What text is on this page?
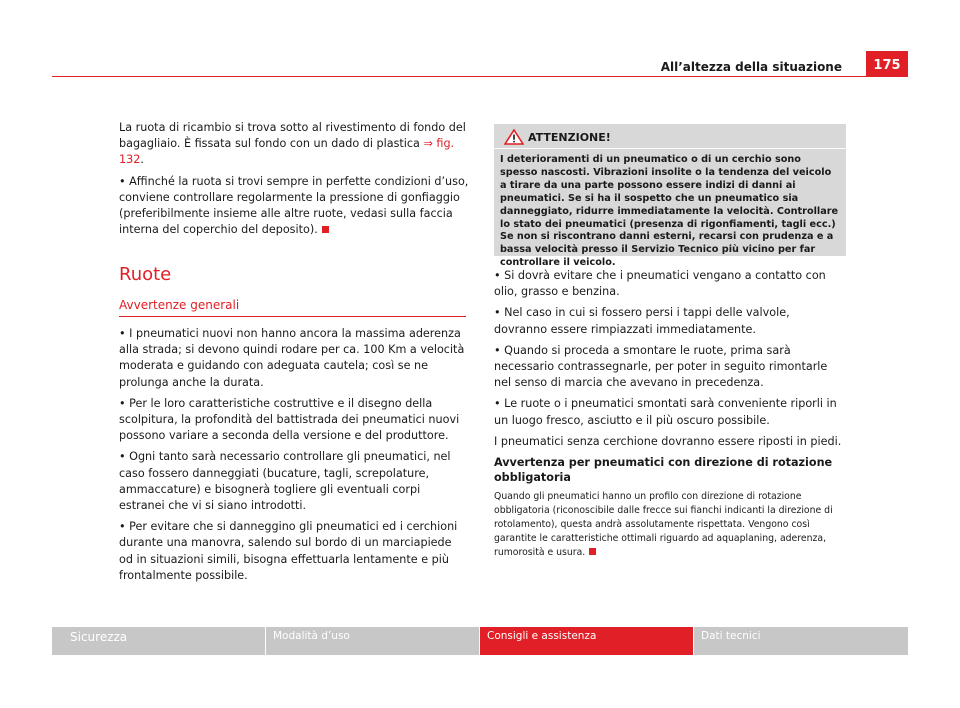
All’altezza della situazione	175

La ruota di ricambio si trova sotto al rivestimento di fondo del bagagliaio. È fissata sul fondo con un dado di plastica ⇒ fig. 132.

• Affinché la ruota si trovi sempre in perfette condizioni d’uso, conviene controllare regolarmente la pressione di gonfiaggio (preferibilmente insieme alle altre ruote, vedasi sulla faccia interna del coperchio del deposito).

Ruote
Avvertenze generali

• I pneumatici nuovi non hanno ancora la massima aderenza alla strada; si devono quindi rodare per ca. 100 Km a velocità moderata e guidando con adeguata cautela; così se ne prolunga anche la durata.

• Per le loro caratteristiche costruttive e il disegno della scolpitura, la profondità del battistrada dei pneumatici nuovi possono variare a seconda della versione e del produttore.

• Ogni tanto sarà necessario controllare gli pneumatici, nel caso fossero danneggiati (bucature, tagli, screpolature, ammaccature) e bisognerà togliere gli eventuali corpi estranei che vi si siano introdotti.

• Per evitare che si danneggino gli pneumatici ed i cerchioni durante una manovra, salendo sul bordo di un marciapiede od in situazioni simili, bisogna effettuarla lentamente e più frontalmente possibile.

ATTENZIONE!
I deterioramenti di un pneumatico o di un cerchio sono spesso nascosti. Vibrazioni insolite o la tendenza del veicolo a tirare da una parte possono essere indizi di danni ai pneumatici. Se si ha il sospetto che un pneumatico sia danneggiato, ridurre immediatamente la velocità. Controllare lo stato dei pneumatici (presenza di rigonfiamenti, tagli ecc.) Se non si riscontrano danni esterni, recarsi con prudenza e a bassa velocità presso il Servizio Tecnico più vicino per far controllare il veicolo.

• Si dovrà evitare che i pneumatici vengano a contatto con olio, grasso e benzina.

• Nel caso in cui si fossero persi i tappi delle valvole, dovranno essere rimpiazzati immediatamente.

• Quando si proceda a smontare le ruote, prima sarà necessario contrassegnarle, per poter in seguito rimontarle nel senso di marcia che avevano in precedenza.

• Le ruote o i pneumatici smontati sarà conveniente riporli in un luogo fresco, asciutto e il più oscuro possibile.

I pneumatici senza cerchione dovranno essere riposti in piedi.

Avvertenza per pneumatici con direzione di rotazione obbligatoria

Quando gli pneumatici hanno un profilo con direzione di rotazione obbligatoria (riconoscibile dalle frecce sui fianchi indicanti la direzione di rotolamento), questa andrà assolutamente rispettata. Vengono così garantite le caratteristiche ottimali riguardo ad aquaplaning, aderenza, rumorosità e usura.

Sicurezza	Modalità d’uso	Consigli e assistenza	Dati tecnici
